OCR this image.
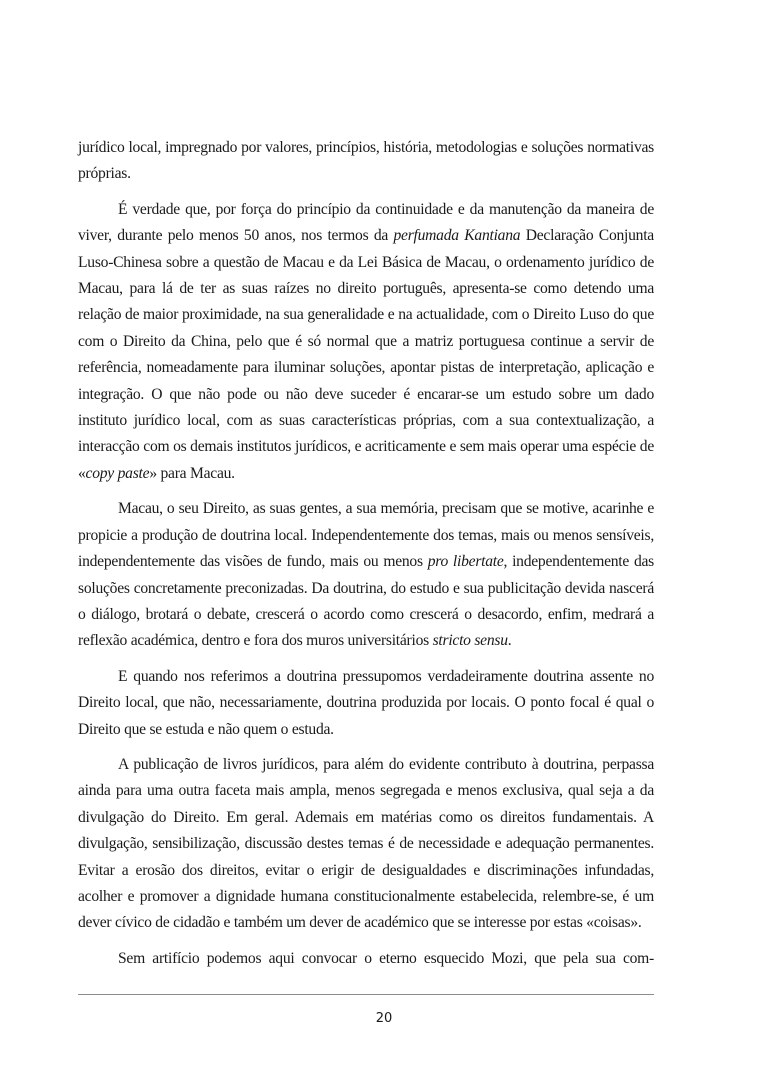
jurídico local, impregnado por valores, princípios, história, metodologias e soluções normativas próprias.

É verdade que, por força do princípio da continuidade e da manutenção da maneira de viver, durante pelo menos 50 anos, nos termos da perfumada Kantiana Declaração Conjunta Luso-Chinesa sobre a questão de Macau e da Lei Básica de Macau, o ordenamento jurídico de Macau, para lá de ter as suas raízes no direito português, apresenta-se como detendo uma relação de maior proximidade, na sua generalidade e na actualidade, com o Direito Luso do que com o Direito da China, pelo que é só normal que a matriz portuguesa continue a servir de referência, nomeadamente para iluminar soluções, apontar pistas de interpretação, aplicação e integração. O que não pode ou não deve suceder é encarar-se um estudo sobre um dado instituto jurídico local, com as suas características próprias, com a sua contextualização, a interacção com os demais institutos jurídicos, e acriticamente e sem mais operar uma espécie de «copy paste» para Macau.

Macau, o seu Direito, as suas gentes, a sua memória, precisam que se motive, acarinhe e propicie a produção de doutrina local. Independentemente dos temas, mais ou menos sensíveis, independentemente das visões de fundo, mais ou menos pro libertate, independentemente das soluções concretamente preconizadas. Da doutrina, do estudo e sua publicitação devida nascerá o diálogo, brotará o debate, crescerá o acordo como crescerá o desacordo, enfim, medrará a reflexão académica, dentro e fora dos muros universitários stricto sensu.

E quando nos referimos a doutrina pressupomos verdadeiramente doutrina assente no Direito local, que não, necessariamente, doutrina produzida por locais. O ponto focal é qual o Direito que se estuda e não quem o estuda.

A publicação de livros jurídicos, para além do evidente contributo à doutrina, perpassa ainda para uma outra faceta mais ampla, menos segregada e menos exclusiva, qual seja a da divulgação do Direito. Em geral. Ademais em matérias como os direitos fundamentais. A divulgação, sensibilização, discussão destes temas é de necessidade e adequação permanentes. Evitar a erosão dos direitos, evitar o erigir de desigualdades e discriminações infundadas, acolher e promover a dignidade humana constitucionalmente estabelecida, relembre-se, é um dever cívico de cidadão e também um dever de académico que se interesse por estas «coisas».

Sem artifício podemos aqui convocar o eterno esquecido Mozi, que pela sua com-

20
